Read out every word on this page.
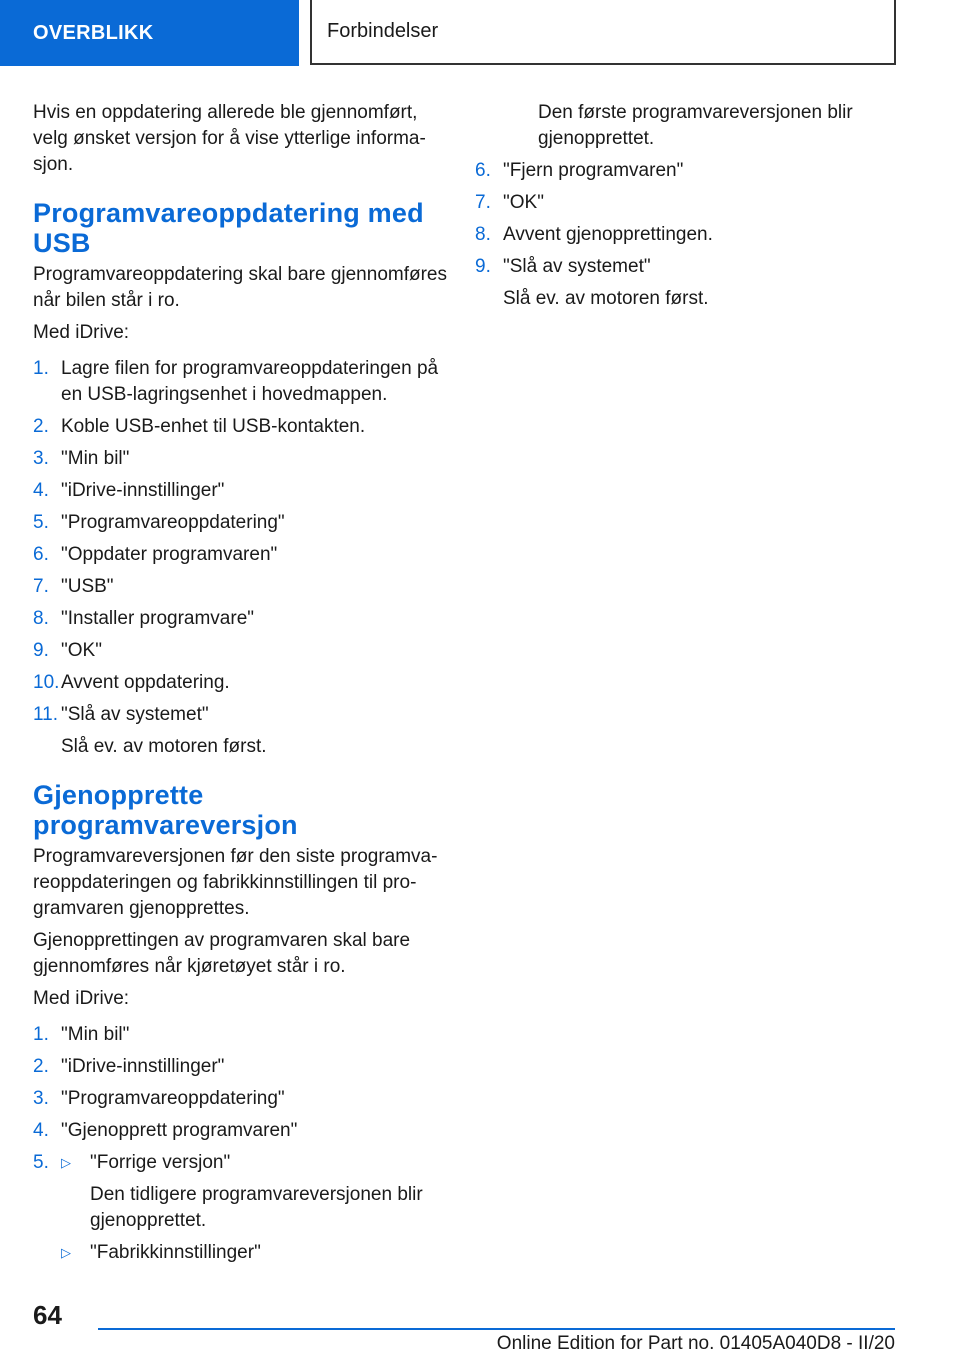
OVERBLIKK	Forbindelser

Hvis en oppdatering allerede ble gjennomført, velg ønsket versjon for å vise ytterlige informa-sjon.

Programvareoppdatering med USB

Programvareoppdatering skal bare gjennomføres når bilen står i ro.

Med iDrive:

1. Lagre filen for programvareoppdateringen på en USB-lagringsenhet i hovedmappen.
2. Koble USB-enhet til USB-kontakten.
3. "Min bil"
4. "iDrive-innstillinger"
5. "Programvareoppdatering"
6. "Oppdater programvaren"
7. "USB"
8. "Installer programvare"
9. "OK"
10. Avvent oppdatering.
11. "Slå av systemet"
Slå ev. av motoren først.
Gjenopprette programvareversjon

Programvareversjonen før den siste programva-reoppdateringen og fabrikkinnstillingen til pro-gramvaren gjenopprettes.

Gjenopprettingen av programvaren skal bare gjennomføres når kjøretøyet står i ro.

Med iDrive:

1. "Min bil"
2. "iDrive-innstillinger"
3. "Programvareoppdatering"
4. "Gjenopprett programvaren"
5. ▷ "Forrige versjon"
Den tidligere programvareversjonen blir gjenopprettet.
▷ "Fabrikkinnstillinger"

Den første programvareversjonen blir gjenopprettet.

6. "Fjern programvaren"
7. "OK"
8. Avvent gjenopprettingen.
9. "Slå av systemet"
Slå ev. av motoren først.
64
Online Edition for Part no. 01405A040D8 - II/20
